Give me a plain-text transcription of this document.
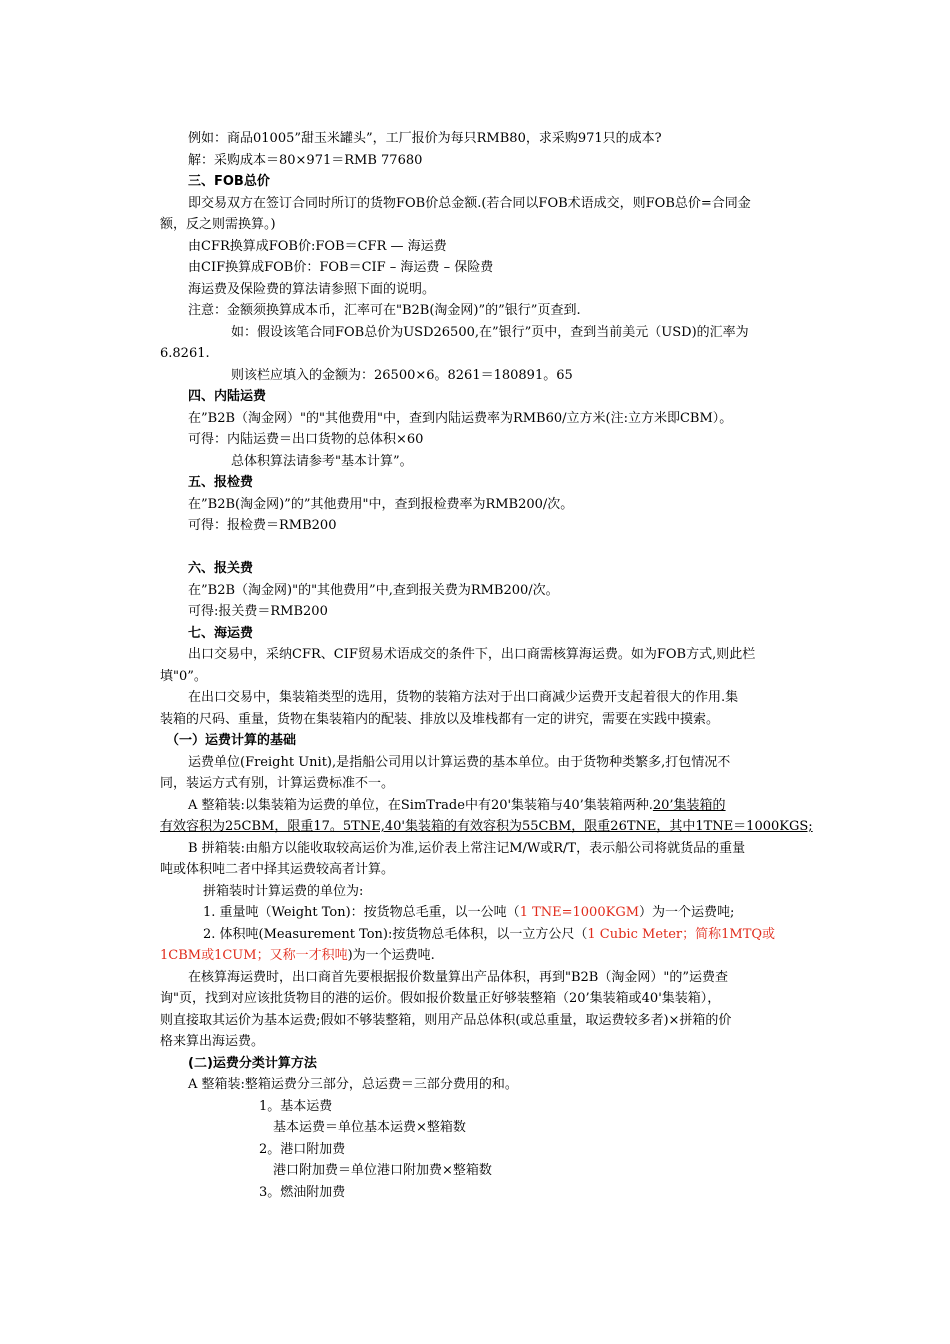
例如：商品01005”甜玉米罐头”，工厂报价为每只RMB80，求采购971只的成本?
解：采购成本＝80×971＝RMB 77680
三、FOB总价
即交易双方在签订合同时所订的货物FOB价总金额.(若合同以FOB术语成交，则FOB总价=合同金
额，反之则需换算。)
由CFR换算成FOB价:FOB＝CFR — 海运费
由CIF换算成FOB价：FOB＝CIF – 海运费 – 保险费
海运费及保险费的算法请参照下面的说明。
注意：金额须换算成本币，汇率可在"B2B(淘金网)”的”银行”页查到.
如：假设该笔合同FOB总价为USD26500,在”银行”页中，查到当前美元（USD)的汇率为
6.8261.
则该栏应填入的金额为：26500×6。8261＝180891。65
四、内陆运费
在”B2B（淘金网）"的"其他费用"中，查到内陆运费率为RMB60/立方米(注:立方米即CBM）。
可得：内陆运费＝出口货物的总体积×60
总体积算法请参考"基本计算”。
五、报检费
在”B2B(淘金网)”的”其他费用"中，查到报检费率为RMB200/次。
可得：报检费＝RMB200
六、报关费
在”B2B（淘金网)"的"其他费用”中,查到报关费为RMB200/次。
可得:报关费＝RMB200
七、海运费
出口交易中，采纳CFR、CIF贸易术语成交的条件下，出口商需核算海运费。如为FOB方式,则此栏
填"0”。
在出口交易中，集装箱类型的选用，货物的装箱方法对于出口商减少运费开支起着很大的作用.集
装箱的尺码、重量，货物在集装箱内的配装、排放以及堆栈都有一定的讲究，需要在实践中摸索。
（一）运费计算的基础
运费单位(Freight Unit),是指船公司用以计算运费的基本单位。由于货物种类繁多,打包情况不
同，装运方式有别，计算运费标准不一。
A 整箱装:以集装箱为运费的单位，在SimTrade中有20'集装箱与40’集装箱两种.20’集装箱的
有效容积为25CBM，限重17。5TNE,40'集装箱的有效容积为55CBM，限重26TNE，其中1TNE＝1000KGS;
B 拼箱装:由船方以能收取较高运价为准,运价表上常注记M/W或R/T，表示船公司将就货品的重量
吨或体积吨二者中择其运费较高者计算。
拼箱装时计算运费的单位为:
1. 重量吨（Weight Ton)：按货物总毛重，以一公吨（1 TNE=1000KGM）为一个运费吨;
2. 体积吨(Measurement Ton):按货物总毛体积，以一立方公尺（1 Cubic Meter；简称1MTQ或
1CBM或1CUM；又称一才积吨)为一个运费吨.
在核算海运费时，出口商首先要根据报价数量算出产品体积，再到"B2B（淘金网）"的”运费查
询"页，找到对应该批货物目的港的运价。假如报价数量正好够装整箱（20’集装箱或40'集装箱），
则直接取其运价为基本运费;假如不够装整箱，则用产品总体积(或总重量，取运费较多者)×拼箱的价
格来算出海运费。
(二)运费分类计算方法
A 整箱装:整箱运费分三部分，总运费＝三部分费用的和。
1。基本运费
基本运费＝单位基本运费×整箱数
2。港口附加费
港口附加费＝单位港口附加费×整箱数
3。燃油附加费
